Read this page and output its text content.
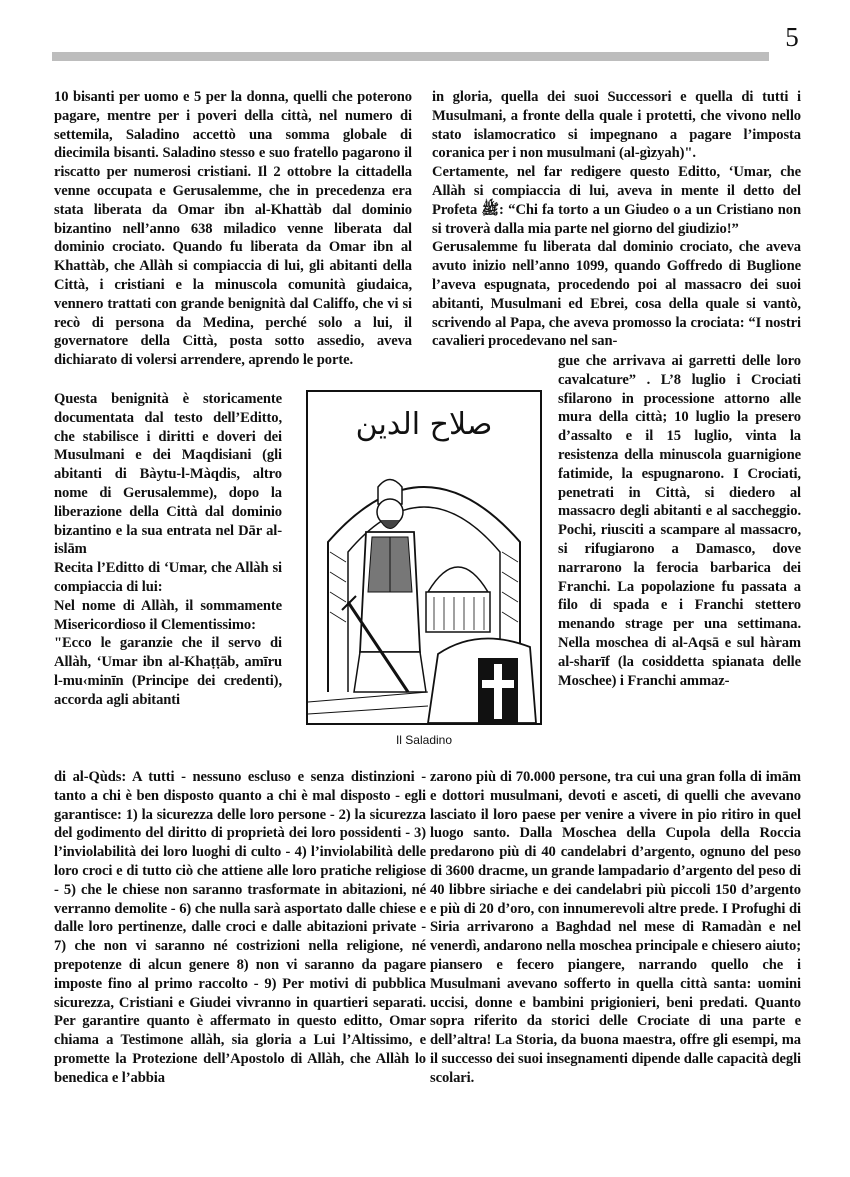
5

10 bisanti per uomo e 5 per la donna, quelli che poterono pagare, mentre per i poveri della città, nel numero di settemila, Saladino accettò una somma globale di diecimila bisanti. Saladino stesso e suo fratello pagarono il riscatto per numerosi cristiani. Il 2 ottobre la cittadella venne occupata e Gerusalemme, che in precedenza era stata liberata da Omar ibn al-Khattàb dal dominio bizantino nell’anno 638 miladico venne liberata dal dominio crociato. Quando fu liberata da Omar ibn al Khattàb, che Allàh si compiaccia di lui, gli abitanti della Città, i cristiani e la minuscola comunità giudaica, vennero trattati con grande benignità dal Califfo, che vi si recò di persona da Medina, perché solo a lui, il governatore della Città, posta sotto assedio, aveva dichiarato di volersi arrendere, aprendo le porte.

Questa benignità è storicamente documentata dal testo dell’Editto, che stabilisce i diritti e doveri dei Musulmani e dei Maqdisiani (gli abitanti di Bàytu-l-Màqdis, altro nome di Gerusalemme), dopo la liberazione della Città dal dominio bizantino e la sua entrata nel Dār al-islām

Recita l’Editto di ‘Umar, che Allàh si compiaccia di lui:

Nel nome di Allàh, il sommamente Misericordioso il Clementissimo:

"Ecco le garanzie che il servo di Allàh, ‘Umar ibn al-Khaṭṭāb, amīru l-mu‹minīn (Principe dei credenti), accorda agli abitanti

صلاح الدين
Il Saladino

di al-Qùds: A tutti - nessuno escluso e senza distinzioni - tanto a chi è ben disposto quanto a chi è mal disposto - egli garantisce: 1) la sicurezza delle loro persone - 2) la sicurezza del godimento del diritto di proprietà dei loro possidenti - 3) l’inviolabilità dei loro luoghi di culto - 4) l’inviolabilità delle loro croci e di tutto ciò che attiene alle loro pratiche religiose - 5) che le chiese non saranno trasformate in abitazioni, né verranno demolite - 6) che nulla sarà asportato dalle chiese e dalle loro pertinenze, dalle croci e dalle abitazioni private - 7) che non vi saranno né costrizioni nella religione, né prepotenze di alcun genere 8) non vi saranno da pagare imposte fino al primo raccolto - 9) Per motivi di pubblica sicurezza, Cristiani e Giudei vivranno in quartieri separati. Per garantire quanto è affermato in questo editto, Omar chiama a Testimone allàh, sia gloria a Lui l’Altissimo, e promette la Protezione dell’Apostolo di Allàh, che Allàh lo benedica e l’abbia

in gloria, quella dei suoi Successori e quella di tutti i Musulmani, a fronte della quale i protetti, che vivono nello stato islamocratico si impegnano a pagare l’imposta coranica per i non musulmani (al-gìzyah)".

Certamente, nel far redigere questo Editto, ‘Umar, che Allàh si compiaccia di lui, aveva in mente il detto del Profeta ﷺ: “Chi fa torto a un Giudeo o a un Cristiano non si troverà dalla mia parte nel giorno del giudizio!”

Gerusalemme fu liberata dal dominio crociato, che aveva avuto inizio nell’anno 1099, quando Goffredo di Buglione l’aveva espugnata, procedendo poi al massacro dei suoi abitanti, Musulmani ed Ebrei, cosa della quale si vantò, scrivendo al Papa, che aveva promosso la crociata: “I nostri cavalieri procedevano nel san-

gue che arrivava ai garretti delle loro cavalcature” . L’8 luglio i Crociati sfilarono in processione attorno alle mura della città; 10 luglio la presero d’assalto e il 15 luglio, vinta la resistenza della minuscola guarnigione fatimide, la espugnarono. I Crociati, penetrati in Città, si diedero al massacro degli abitanti e al saccheggio. Pochi, riusciti a scampare al massacro, si rifugiarono a Damasco, dove narrarono la ferocia barbarica dei Franchi. La popolazione fu passata a filo di spada e i Franchi stettero menando strage per una settimana. Nella moschea di al-Aqsā e sul hàram al-sharīf (la cosiddetta spianata delle Moschee) i Franchi ammaz-

zarono più di 70.000 persone, tra cui una gran folla di imām e dottori musulmani, devoti e asceti, di quelli che avevano lasciato il loro paese per venire a vivere in pio ritiro in quel luogo santo. Dalla Moschea della Cupola della Roccia predarono più di 40 candelabri d’argento, ognuno del peso di 3600 dracme, un grande lampadario d’argento del peso di 40 libbre siriache e dei candelabri più piccoli 150 d’argento e più di 20 d’oro, con innumerevoli altre prede. I Profughi di Siria arrivarono a Baghdad nel mese di Ramadàn e nel venerdì, andarono nella moschea principale e chiesero aiuto; piansero e fecero piangere, narrando quello che i Musulmani avevano sofferto in quella città santa: uomini uccisi, donne e bambini prigionieri, beni predati. Quanto sopra riferito da storici delle Crociate di una parte e dell’altra! La Storia, da buona maestra, offre gli esempi, ma il successo dei suoi insegnamenti dipende dalle capacità degli scolari.
